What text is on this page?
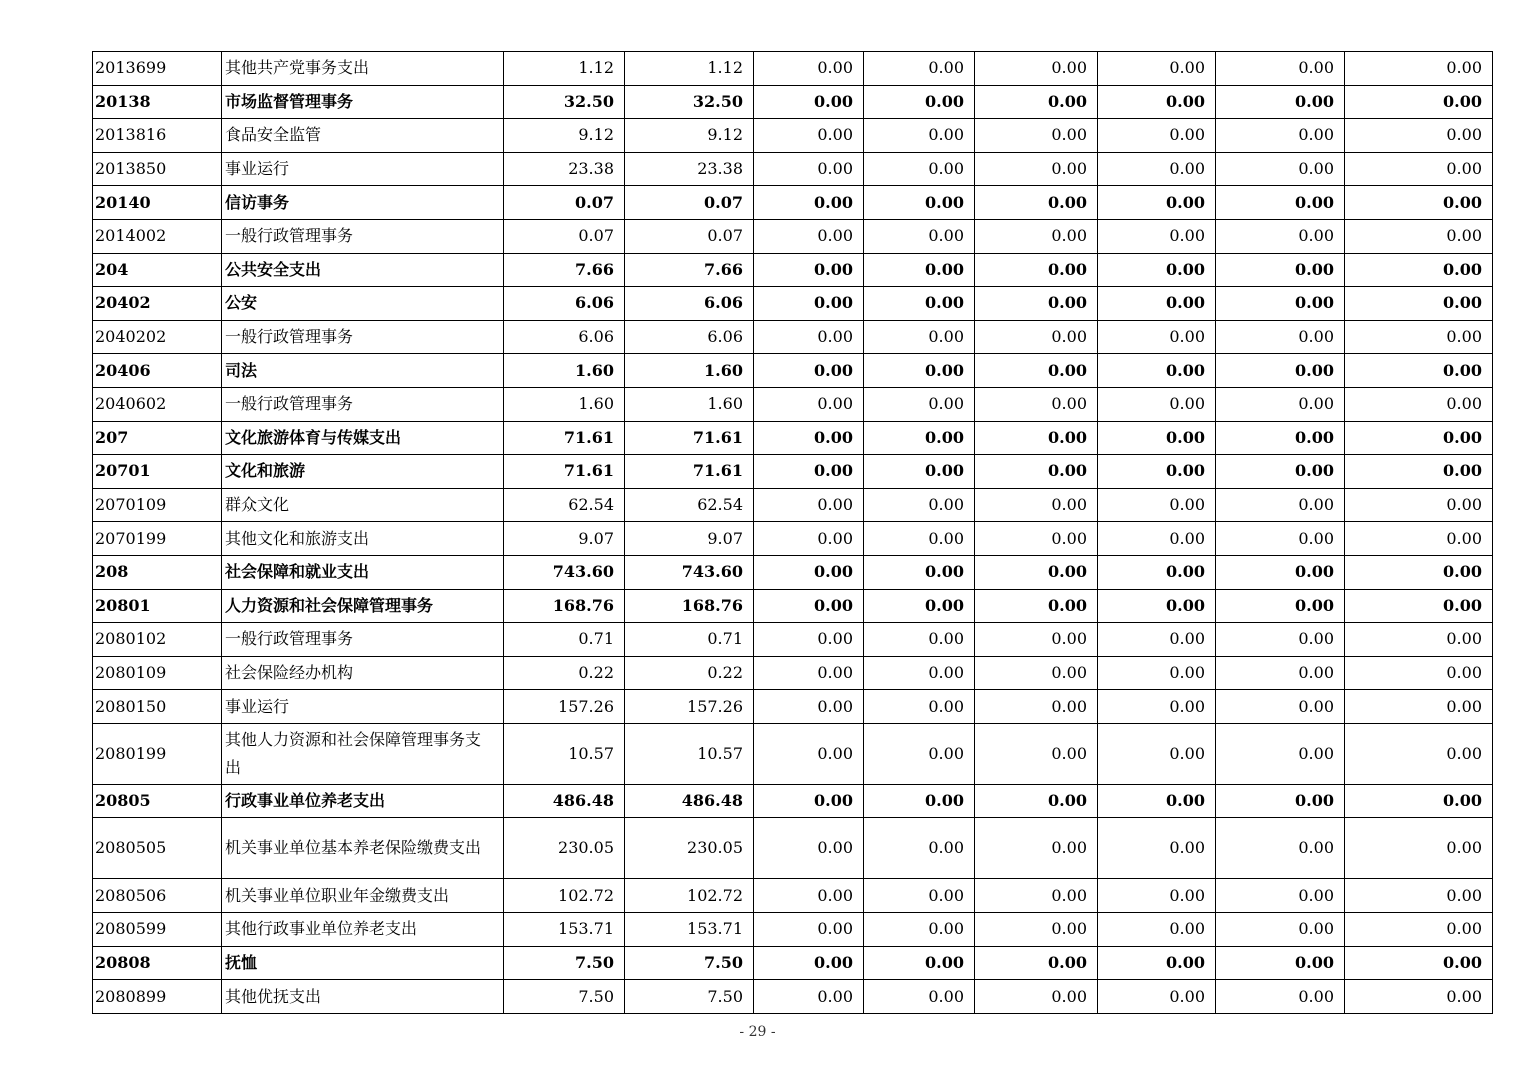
2013699	其他共产党事务支出	1.12	1.12	0.00	0.00	0.00	0.00	0.00	0.00
20138	市场监督管理事务	32.50	32.50	0.00	0.00	0.00	0.00	0.00	0.00
2013816	食品安全监管	9.12	9.12	0.00	0.00	0.00	0.00	0.00	0.00
2013850	事业运行	23.38	23.38	0.00	0.00	0.00	0.00	0.00	0.00
20140	信访事务	0.07	0.07	0.00	0.00	0.00	0.00	0.00	0.00
2014002	一般行政管理事务	0.07	0.07	0.00	0.00	0.00	0.00	0.00	0.00
204	公共安全支出	7.66	7.66	0.00	0.00	0.00	0.00	0.00	0.00
20402	公安	6.06	6.06	0.00	0.00	0.00	0.00	0.00	0.00
2040202	一般行政管理事务	6.06	6.06	0.00	0.00	0.00	0.00	0.00	0.00
20406	司法	1.60	1.60	0.00	0.00	0.00	0.00	0.00	0.00
2040602	一般行政管理事务	1.60	1.60	0.00	0.00	0.00	0.00	0.00	0.00
207	文化旅游体育与传媒支出	71.61	71.61	0.00	0.00	0.00	0.00	0.00	0.00
20701	文化和旅游	71.61	71.61	0.00	0.00	0.00	0.00	0.00	0.00
2070109	群众文化	62.54	62.54	0.00	0.00	0.00	0.00	0.00	0.00
2070199	其他文化和旅游支出	9.07	9.07	0.00	0.00	0.00	0.00	0.00	0.00
208	社会保障和就业支出	743.60	743.60	0.00	0.00	0.00	0.00	0.00	0.00
20801	人力资源和社会保障管理事务	168.76	168.76	0.00	0.00	0.00	0.00	0.00	0.00
2080102	一般行政管理事务	0.71	0.71	0.00	0.00	0.00	0.00	0.00	0.00
2080109	社会保险经办机构	0.22	0.22	0.00	0.00	0.00	0.00	0.00	0.00
2080150	事业运行	157.26	157.26	0.00	0.00	0.00	0.00	0.00	0.00
2080199	其他人力资源和社会保障管理事务支出	10.57	10.57	0.00	0.00	0.00	0.00	0.00	0.00
20805	行政事业单位养老支出	486.48	486.48	0.00	0.00	0.00	0.00	0.00	0.00
2080505	机关事业单位基本养老保险缴费支出	230.05	230.05	0.00	0.00	0.00	0.00	0.00	0.00
2080506	机关事业单位职业年金缴费支出	102.72	102.72	0.00	0.00	0.00	0.00	0.00	0.00
2080599	其他行政事业单位养老支出	153.71	153.71	0.00	0.00	0.00	0.00	0.00	0.00
20808	抚恤	7.50	7.50	0.00	0.00	0.00	0.00	0.00	0.00
2080899	其他优抚支出	7.50	7.50	0.00	0.00	0.00	0.00	0.00	0.00
- 29 -
